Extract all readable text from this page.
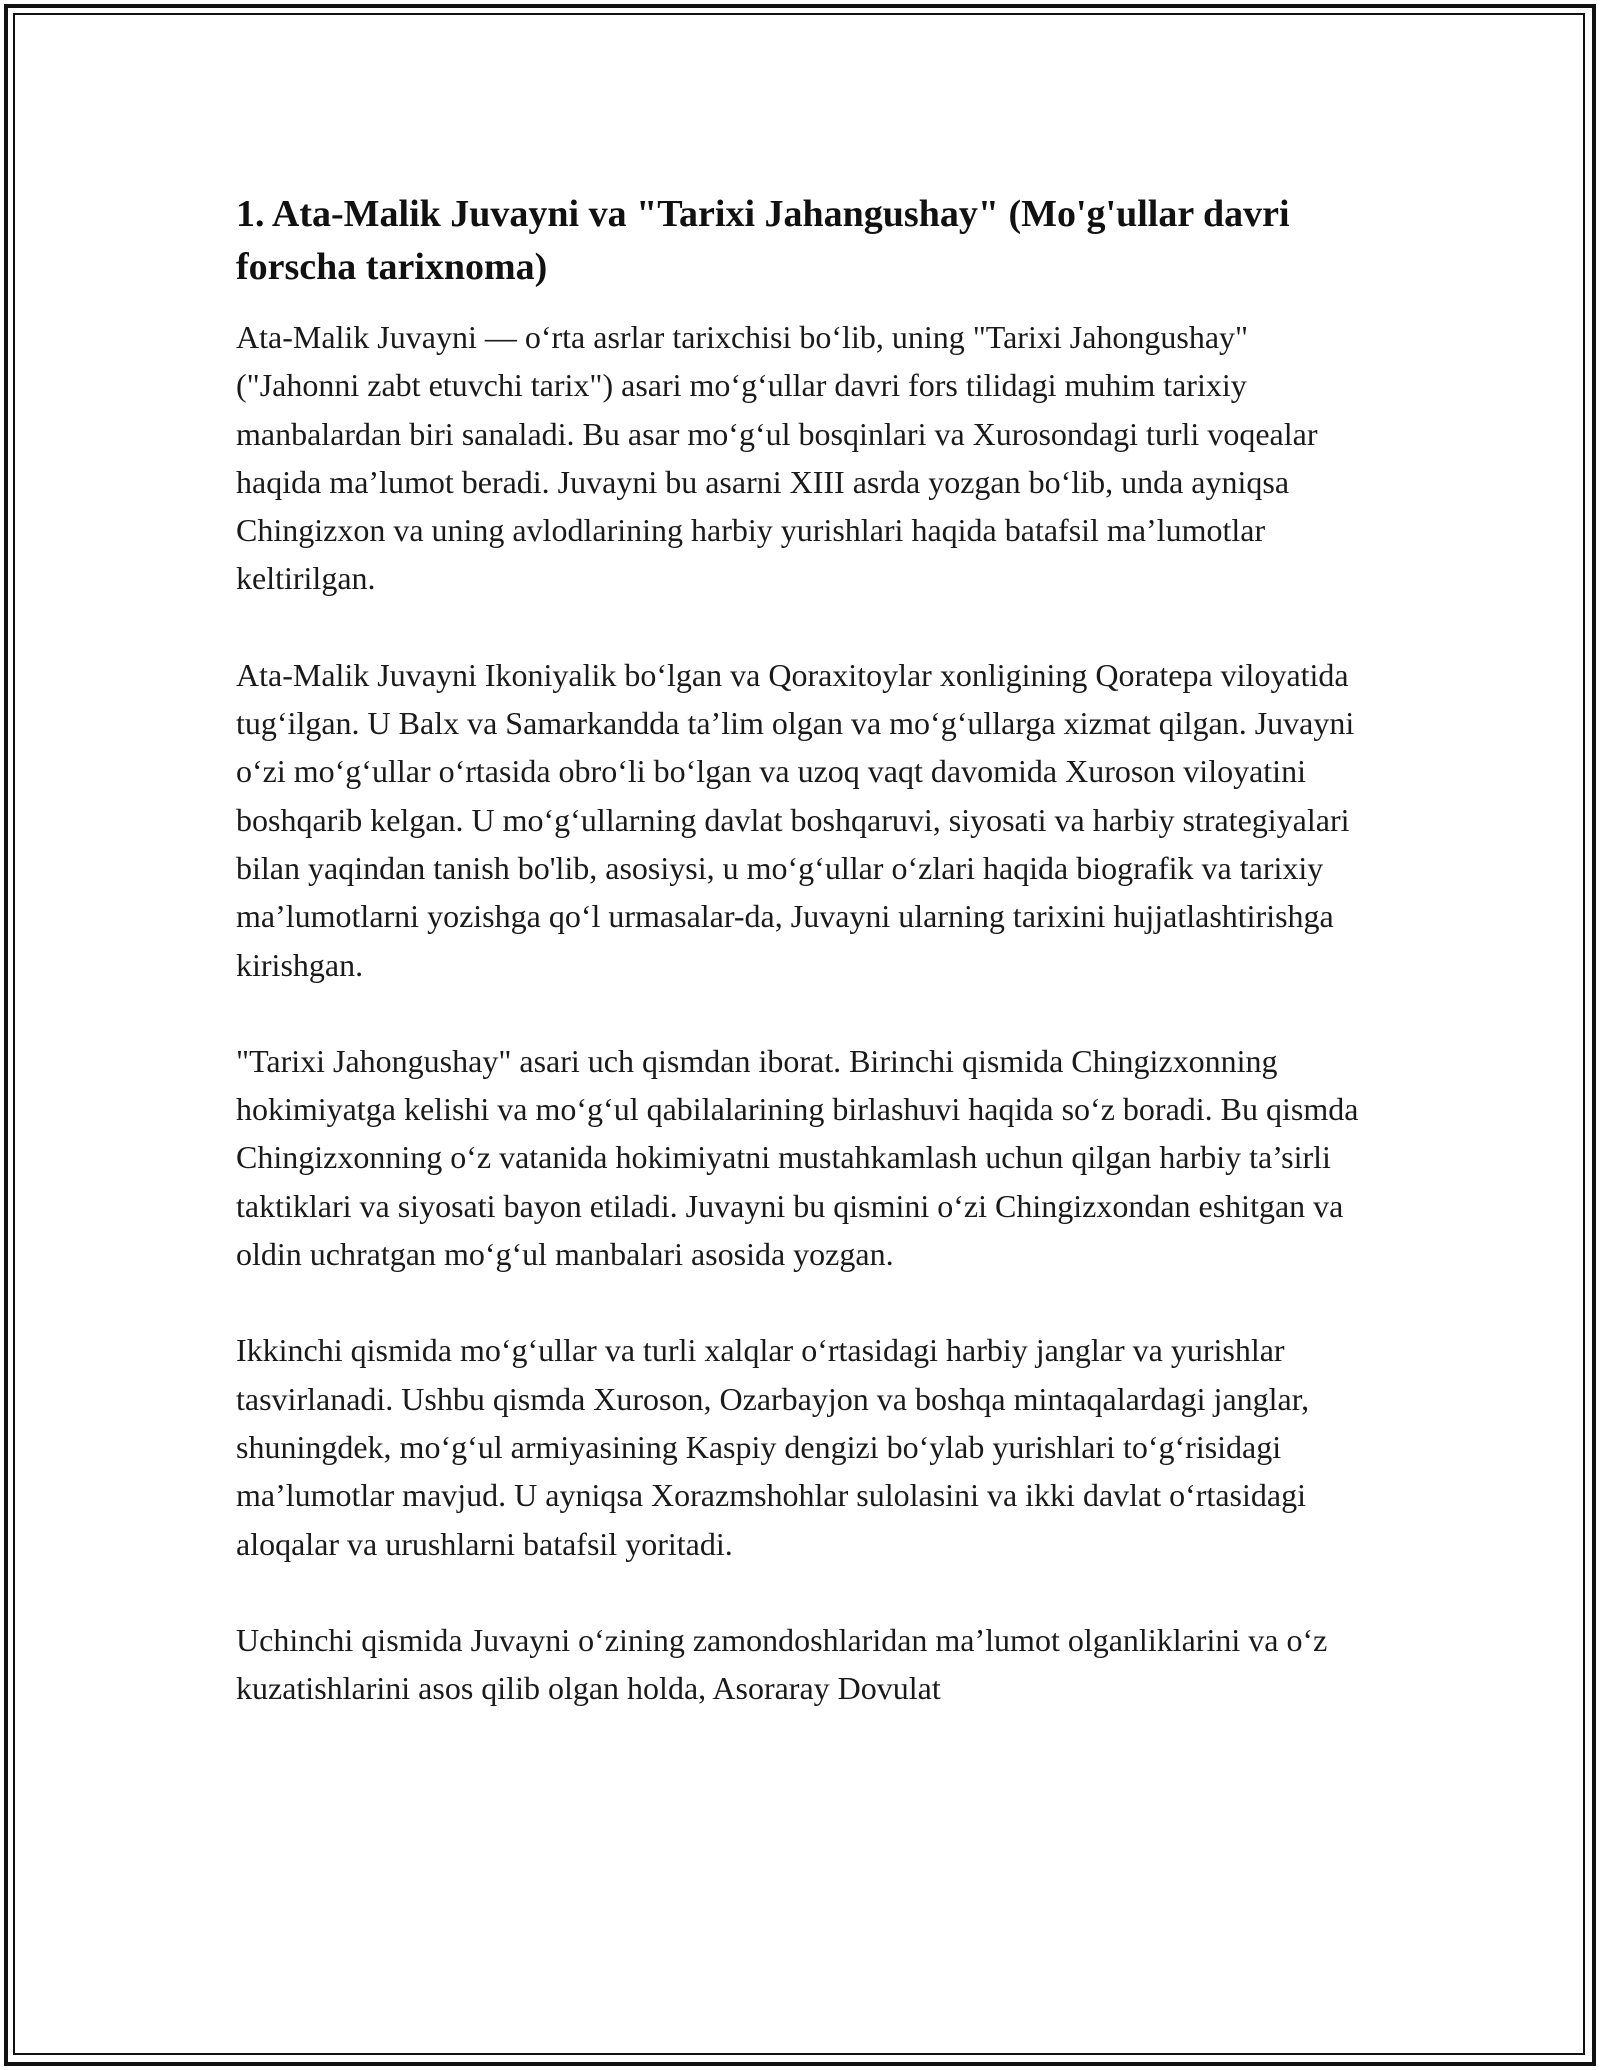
1. Ata-Malik Juvayni va "Tarixi Jahangushay" (Mo'g'ullar davri forscha tarixnoma)

Ata-Malik Juvayni — o‘rta asrlar tarixchisi bo‘lib, uning "Tarixi Jahongushay" ("Jahonni zabt etuvchi tarix") asari mo‘g‘ullar davri fors tilidagi muhim tarixiy manbalardan biri sanaladi. Bu asar mo‘g‘ul bosqinlari va Xurosondagi turli voqealar haqida ma’lumot beradi. Juvayni bu asarni XIII asrda yozgan bo‘lib, unda ayniqsa Chingizxon va uning avlodlarining harbiy yurishlari haqida batafsil ma’lumotlar keltirilgan.

Ata-Malik Juvayni Ikoniyalik bo‘lgan va Qoraxitoylar xonligining Qoratepa viloyatida tug‘ilgan. U Balx va Samarkandda ta’lim olgan va mo‘g‘ullarga xizmat qilgan. Juvayni o‘zi mo‘g‘ullar o‘rtasida obro‘li bo‘lgan va uzoq vaqt davomida Xuroson viloyatini boshqarib kelgan. U mo‘g‘ullarning davlat boshqaruvi, siyosati va harbiy strategiyalari bilan yaqindan tanish bo'lib, asosiysi, u mo‘g‘ullar o‘zlari haqida biografik va tarixiy ma’lumotlarni yozishga qo‘l urmasalar-da, Juvayni ularning tarixini hujjatlashtirishga kirishgan.

"Tarixi Jahongushay" asari uch qismdan iborat. Birinchi qismida Chingizxonning hokimiyatga kelishi va mo‘g‘ul qabilalarining birlashuvi haqida so‘z boradi. Bu qismda Chingizxonning o‘z vatanida hokimiyatni mustahkamlash uchun qilgan harbiy ta’sirli taktiklari va siyosati bayon etiladi. Juvayni bu qismini o‘zi Chingizxondan eshitgan va oldin uchratgan mo‘g‘ul manbalari asosida yozgan.

Ikkinchi qismida mo‘g‘ullar va turli xalqlar o‘rtasidagi harbiy janglar va yurishlar tasvirlanadi. Ushbu qismda Xuroson, Ozarbayjon va boshqa mintaqalardagi janglar, shuningdek, mo‘g‘ul armiyasining Kaspiy dengizi bo‘ylab yurishlari to‘g‘risidagi ma’lumotlar mavjud. U ayniqsa Xorazmshohlar sulolasini va ikki davlat o‘rtasidagi aloqalar va urushlarni batafsil yoritadi.

Uchinchi qismida Juvayni o‘zining zamondoshlaridan ma’lumot olganliklarini va o‘z kuzatishlarini asos qilib olgan holda, Asoraray Dovulat
